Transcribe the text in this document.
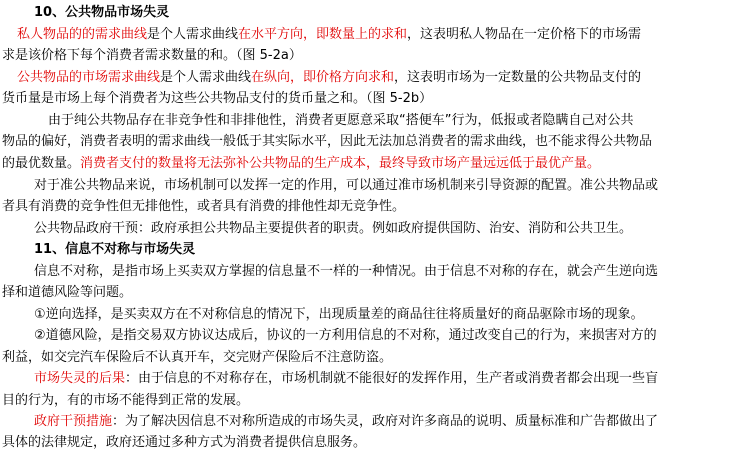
10、公共物品市场失灵
私人物品的的需求曲线是个人需求曲线在水平方向，即数量上的求和，这表明私人物品在一定价格下的市场需
求是该价格下每个消费者需求数量的和。（图 5-2a）
公共物品的市场需求曲线是个人需求曲线在纵向，即价格方向求和，这表明市场为一定数量的公共物品支付的
货币量是市场上每个消费者为这些公共物品支付的货币量之和。（图 5-2b）
由于纯公共物品存在非竞争性和非排他性，消费者更愿意采取“搭便车”行为，低报或者隐瞒自己对公共
物品的偏好，消费者表明的需求曲线一般低于其实际水平，因此无法加总消费者的需求曲线，也不能求得公共物品
的最优数量。消费者支付的数量将无法弥补公共物品的生产成本，最终导致市场产量远远低于最优产量。
对于准公共物品来说，市场机制可以发挥一定的作用，可以通过准市场机制来引导资源的配置。准公共物品或
者具有消费的竞争性但无排他性，或者具有消费的排他性却无竞争性。
公共物品政府干预：政府承担公共物品主要提供者的职责。例如政府提供国防、治安、消防和公共卫生。
11、信息不对称与市场失灵
信息不对称，是指市场上买卖双方掌握的信息量不一样的一种情况。由于信息不对称的存在，就会产生逆向选
择和道德风险等问题。
①逆向选择，是买卖双方在不对称信息的情况下，出现质量差的商品往往将质量好的商品驱除市场的现象。
②道德风险，是指交易双方协议达成后，协议的一方利用信息的不对称，通过改变自己的行为，来损害对方的
利益，如交完汽车保险后不认真开车，交完财产保险后不注意防盗。
市场失灵的后果：由于信息的不对称存在，市场机制就不能很好的发挥作用，生产者或消费者都会出现一些盲
目的行为，有的市场不能得到正常的发展。
政府干预措施：为了解决因信息不对称所造成的市场失灵，政府对许多商品的说明、质量标准和广告都做出了
具体的法律规定，政府还通过多种方式为消费者提供信息服务。
